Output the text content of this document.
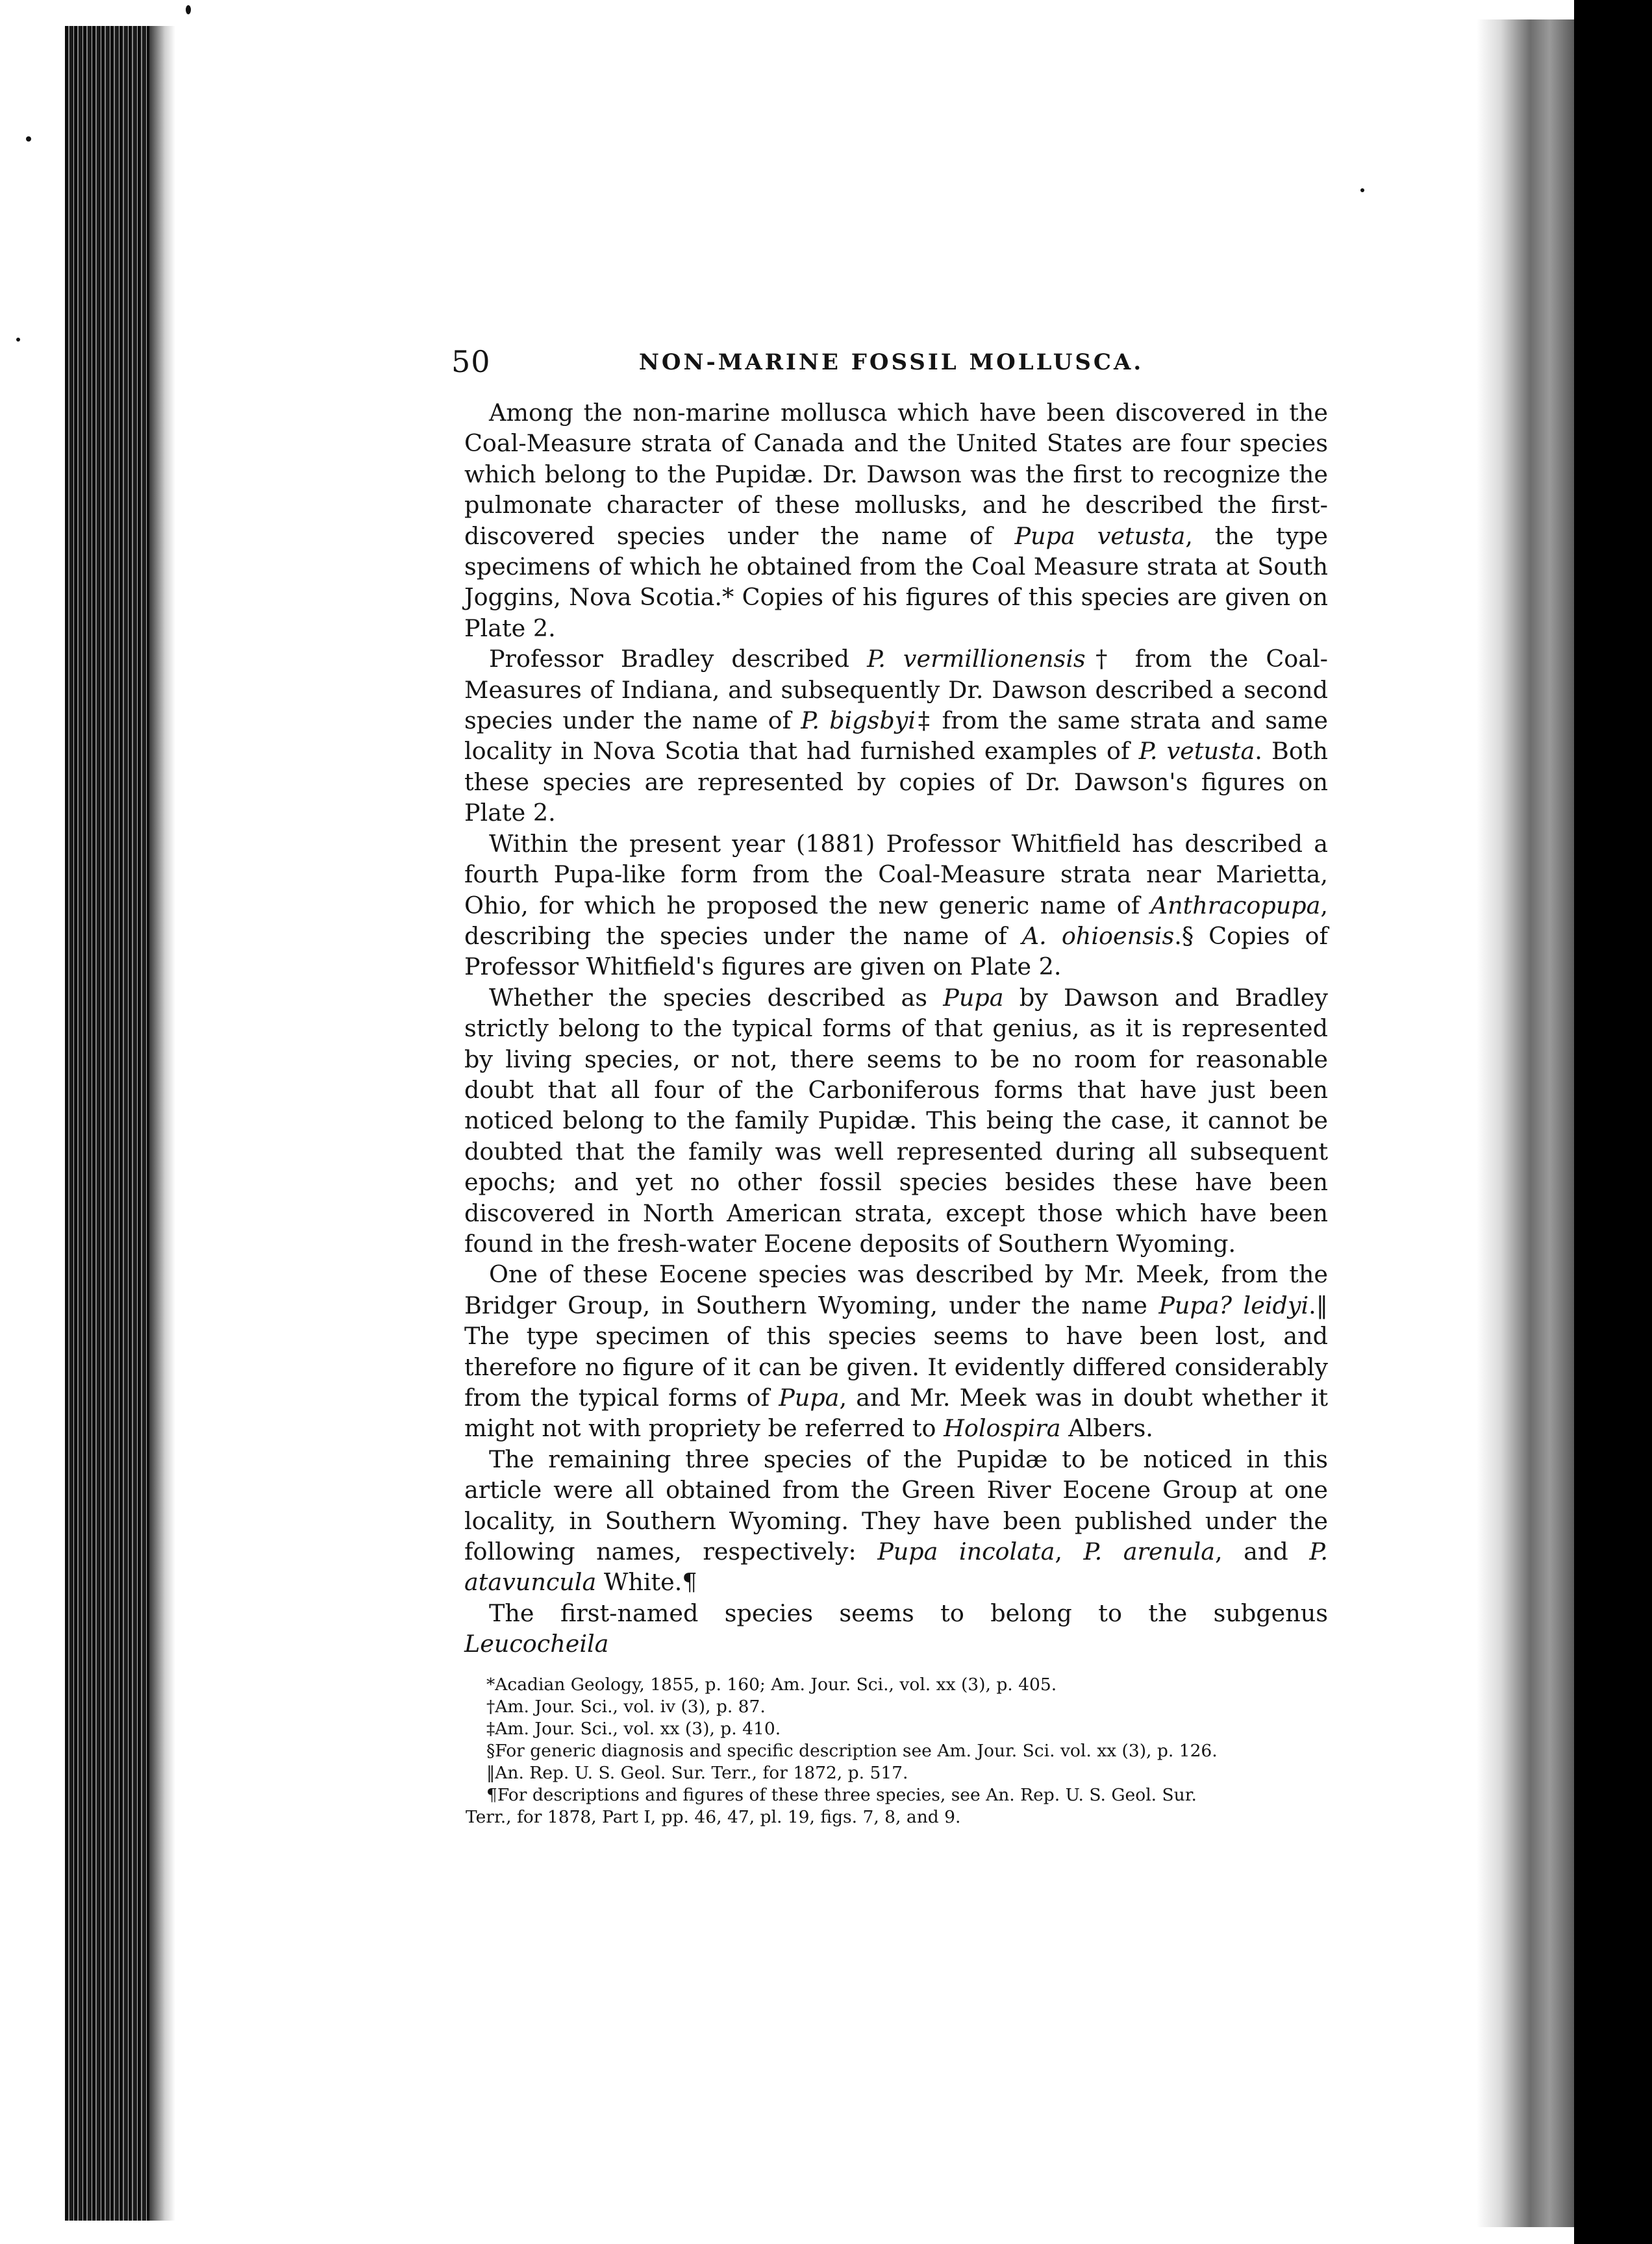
50	NON-MARINE FOSSIL MOLLUSCA.

Among the non-marine mollusca which have been discovered in the Coal-Measure strata of Canada and the United States are four species which belong to the Pupidæ. Dr. Dawson was the first to recognize the pulmonate character of these mollusks, and he described the first-discovered species under the name of Pupa vetusta, the type specimens of which he obtained from the Coal Measure strata at South Joggins, Nova Scotia.* Copies of his figures of this species are given on Plate 2.

Professor Bradley described P. vermillionensis† from the Coal-Measures of Indiana, and subsequently Dr. Dawson described a second species under the name of P. bigsbyi‡ from the same strata and same locality in Nova Scotia that had furnished examples of P. vetusta. Both these species are represented by copies of Dr. Dawson's figures on Plate 2.

Within the present year (1881) Professor Whitfield has described a fourth Pupa-like form from the Coal-Measure strata near Marietta, Ohio, for which he proposed the new generic name of Anthracopupa, describing the species under the name of A. ohioensis.§ Copies of Professor Whitfield's figures are given on Plate 2.

Whether the species described as Pupa by Dawson and Bradley strictly belong to the typical forms of that genius, as it is represented by living species, or not, there seems to be no room for reasonable doubt that all four of the Carboniferous forms that have just been noticed belong to the family Pupidæ. This being the case, it cannot be doubted that the family was well represented during all subsequent epochs; and yet no other fossil species besides these have been discovered in North American strata, except those which have been found in the fresh-water Eocene deposits of Southern Wyoming.

One of these Eocene species was described by Mr. Meek, from the Bridger Group, in Southern Wyoming, under the name Pupa? leidyi.‖ The type specimen of this species seems to have been lost, and therefore no figure of it can be given. It evidently differed considerably from the typical forms of Pupa, and Mr. Meek was in doubt whether it might not with propriety be referred to Holospira Albers.

The remaining three species of the Pupidæ to be noticed in this article were all obtained from the Green River Eocene Group at one locality, in Southern Wyoming. They have been published under the following names, respectively: Pupa incolata, P. arenula, and P. atavuncula White.¶

The first-named species seems to belong to the subgenus Leucocheila

*Acadian Geology, 1855, p. 160; Am. Jour. Sci., vol. xx (3), p. 405.

†Am. Jour. Sci., vol. iv (3), p. 87.

‡Am. Jour. Sci., vol. xx (3), p. 410.

§For generic diagnosis and specific description see Am. Jour. Sci. vol. xx (3), p. 126.

‖An. Rep. U. S. Geol. Sur. Terr., for 1872, p. 517.

¶For descriptions and figures of these three species, see An. Rep. U. S. Geol. Sur.

Terr., for 1878, Part I, pp. 46, 47, pl. 19, figs. 7, 8, and 9.
